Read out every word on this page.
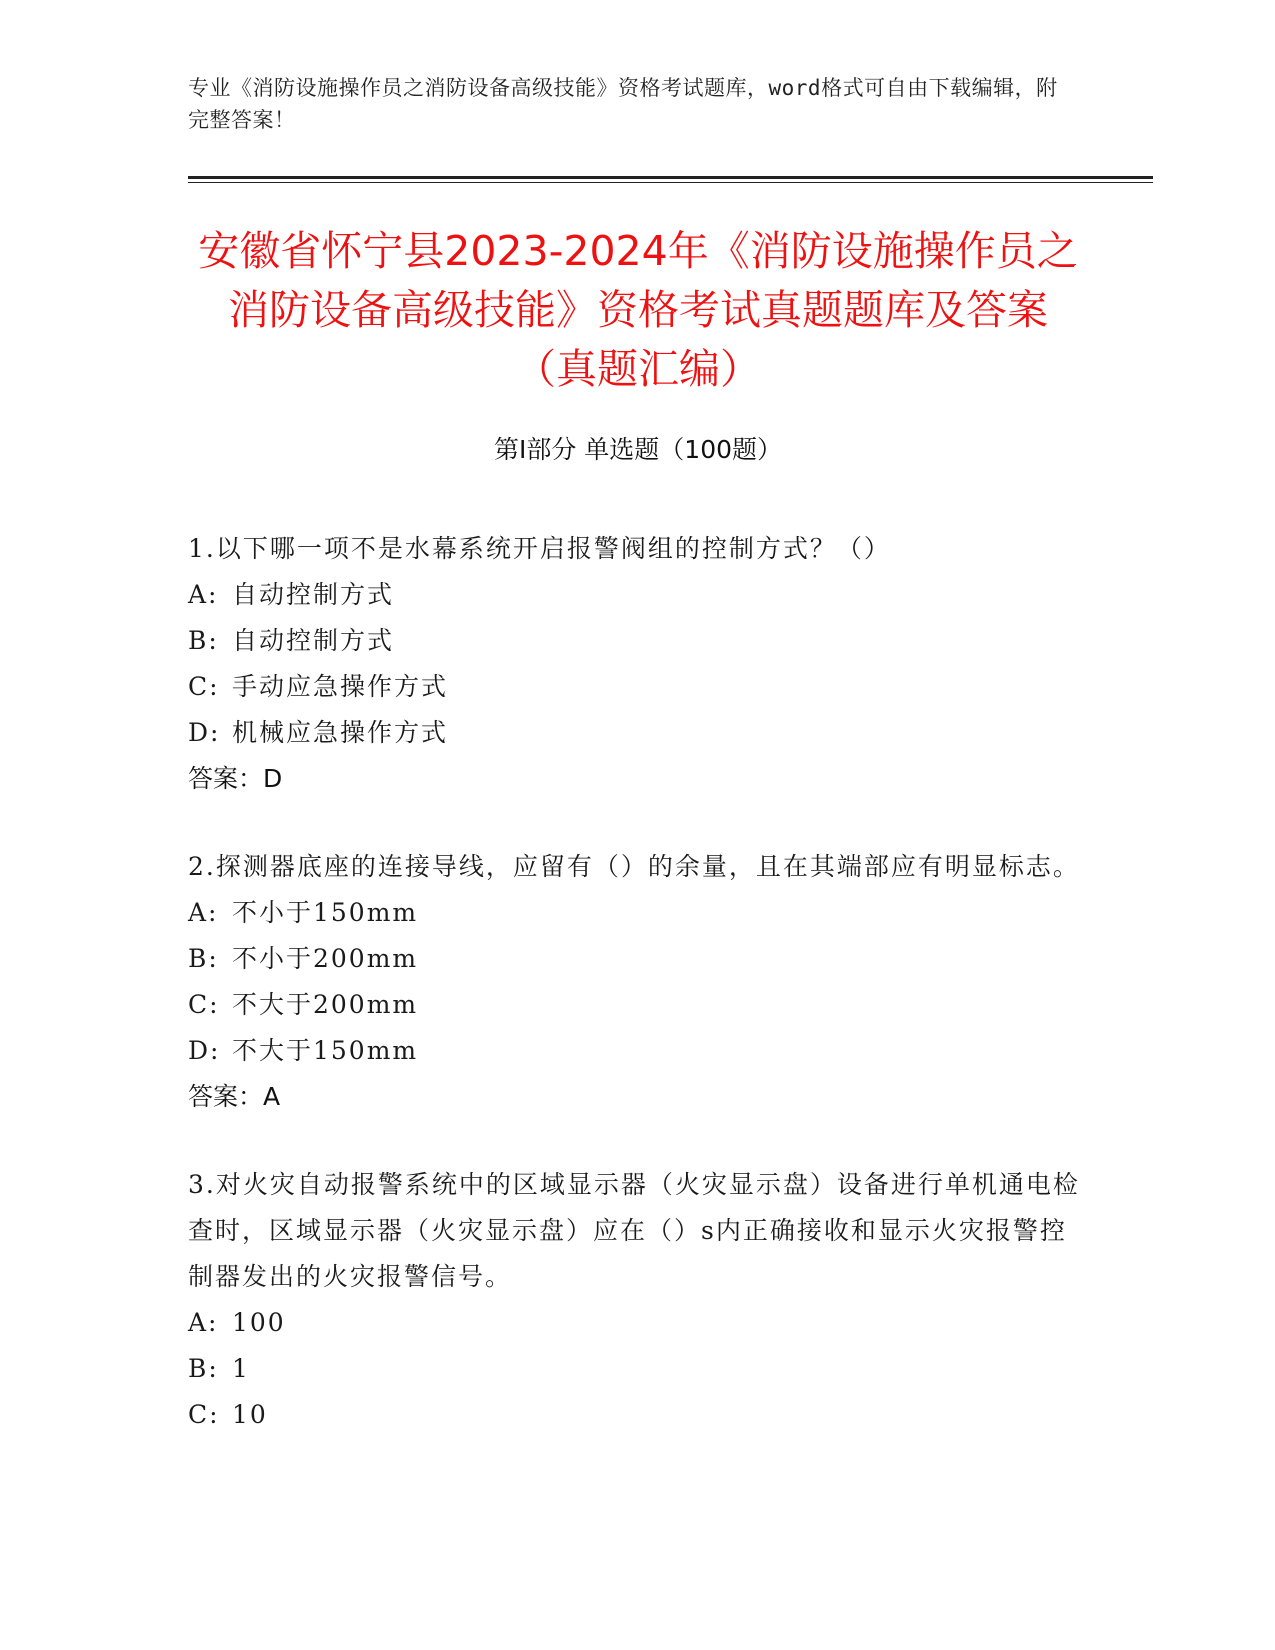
专业《消防设施操作员之消防设备高级技能》资格考试题库，word格式可自由下载编辑，附完整答案！
安徽省怀宁县2023-2024年《消防设施操作员之消防设备高级技能》资格考试真题题库及答案（真题汇编）
第Ⅰ部分 单选题（100题）

1.以下哪一项不是水幕系统开启报警阀组的控制方式？（）

A: 自动控制方式
B: 自动控制方式
C: 手动应急操作方式
D: 机械应急操作方式
答案：D

2.探测器底座的连接导线，应留有（）的余量，且在其端部应有明显标志。

A: 不小于150mm
B: 不小于200mm
C: 不大于200mm
D: 不大于150mm
答案：A

3.对火灾自动报警系统中的区域显示器（火灾显示盘）设备进行单机通电检查时，区域显示器（火灾显示盘）应在（）s内正确接收和显示火灾报警控制器发出的火灾报警信号。

A: 100
B: 1
C: 10
